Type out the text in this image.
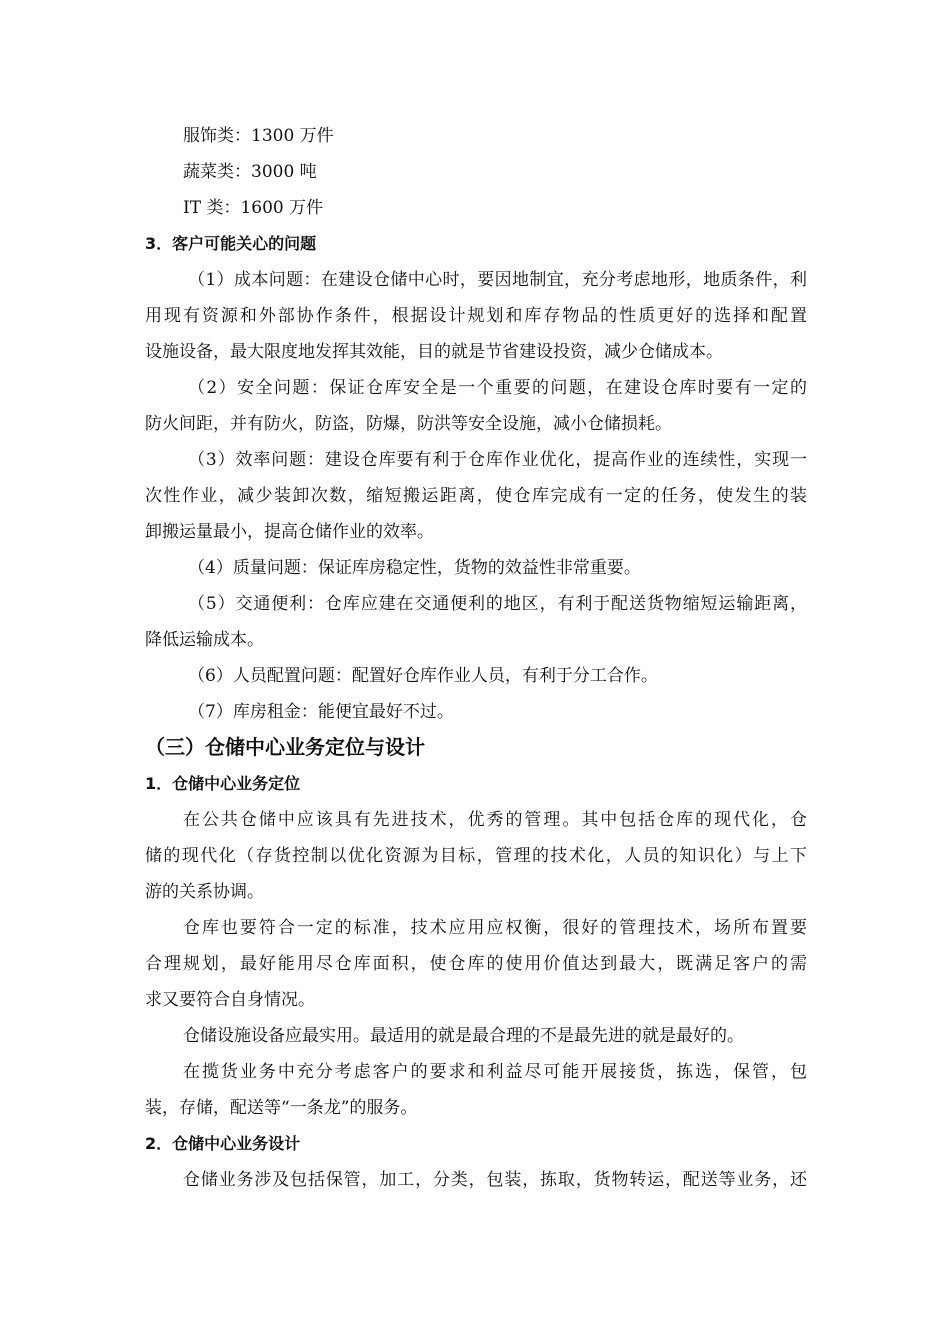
服饰类：1300 万件
蔬菜类：3000 吨
IT 类：1600 万件
3．客户可能关心的问题
（1）成本问题：在建设仓储中心时，要因地制宜，充分考虑地形，地质条件，利
用现有资源和外部协作条件，根据设计规划和库存物品的性质更好的选择和配置
设施设备，最大限度地发挥其效能，目的就是节省建设投资，减少仓储成本。
（2）安全问题：保证仓库安全是一个重要的问题，在建设仓库时要有一定的
防火间距，并有防火，防盗，防爆，防洪等安全设施，减小仓储损耗。
（3）效率问题：建设仓库要有利于仓库作业优化，提高作业的连续性，实现一
次性作业，减少装卸次数，缩短搬运距离，使仓库完成有一定的任务，使发生的装
卸搬运量最小，提高仓储作业的效率。
（4）质量问题：保证库房稳定性，货物的效益性非常重要。
（5）交通便利：仓库应建在交通便利的地区，有利于配送货物缩短运输距离，
降低运输成本。
（6）人员配置问题：配置好仓库作业人员，有利于分工合作。
（7）库房租金：能便宜最好不过。
（三）仓储中心业务定位与设计
1．仓储中心业务定位
在公共仓储中应该具有先进技术，优秀的管理。其中包括仓库的现代化，仓
储的现代化（存货控制以优化资源为目标，管理的技术化，人员的知识化）与上下
游的关系协调。
仓库也要符合一定的标准，技术应用应权衡，很好的管理技术，场所布置要
合理规划，最好能用尽仓库面积，使仓库的使用价值达到最大，既满足客户的需
求又要符合自身情况。
仓储设施设备应最实用。最适用的就是最合理的不是最先进的就是最好的。
在揽货业务中充分考虑客户的要求和利益尽可能开展接货，拣选，保管，包
装，存储，配送等“一条龙”的服务。
2．仓储中心业务设计
仓储业务涉及包括保管，加工，分类，包装，拣取，货物转运，配送等业务，还
